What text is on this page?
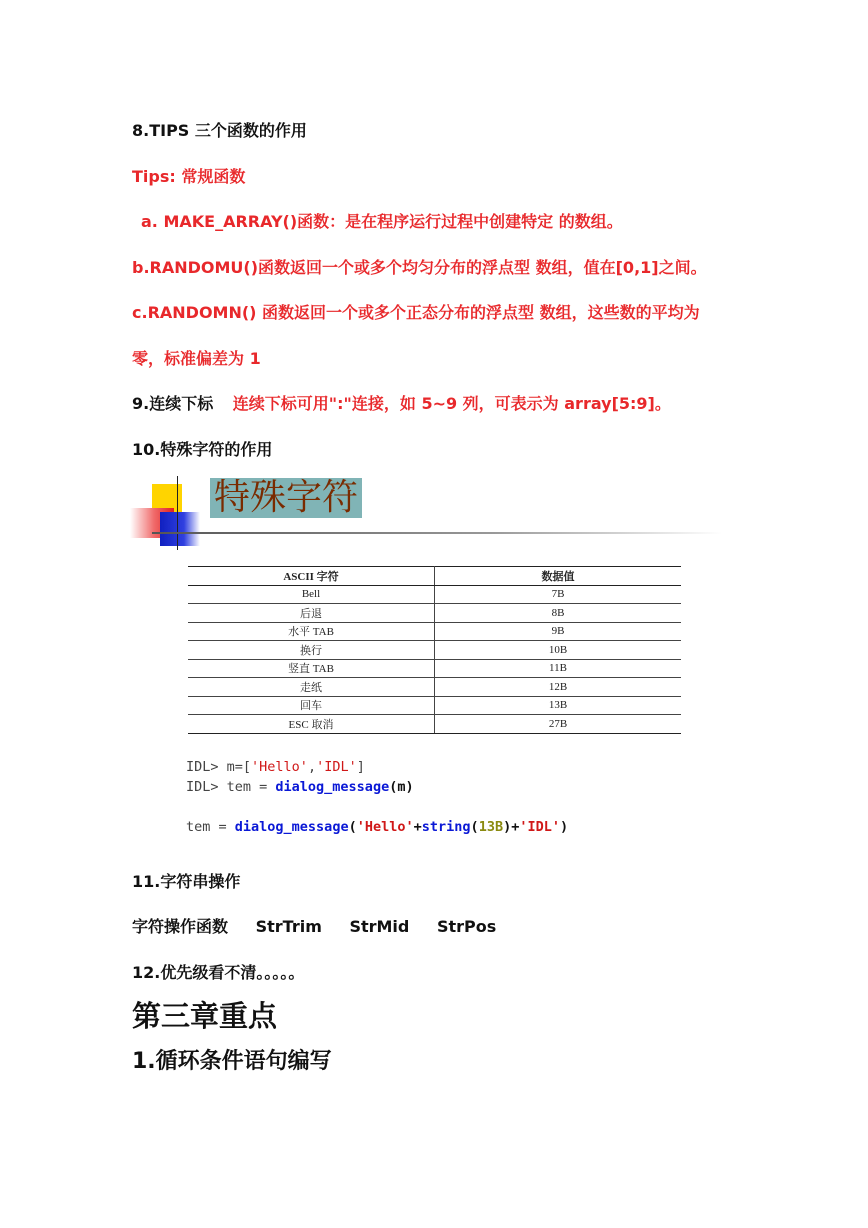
8.TIPS 三个函数的作用
Tips: 常规函数
a. MAKE_ARRAY()函数：是在程序运行过程中创建特定 的数组。
b.RANDOMU()函数返回一个或多个均匀分布的浮点型 数组，值在[0,1]之间。
c.RANDOMN() 函数返回一个或多个正态分布的浮点型 数组，这些数的平均为
零，标准偏差为 1
9.连续下标 连续下标可用":"连接，如 5~9 列，可表示为 array[5:9]。
10.特殊字符的作用
特殊字符
ASCII 字符	数据值
Bell	7B
后退	8B
水平 TAB	9B
换行	10B
竖直 TAB	11B
走纸	12B
回车	13B
ESC 取消	27B
IDL> m=['Hello','IDL']
IDL> tem = dialog_message(m)
tem = dialog_message('Hello'+string(13B)+'IDL')
11.字符串操作
字符操作函数 StrTrim StrMid StrPos
12.优先级看不清。。。。。
第三章重点
1.循环条件语句编写
